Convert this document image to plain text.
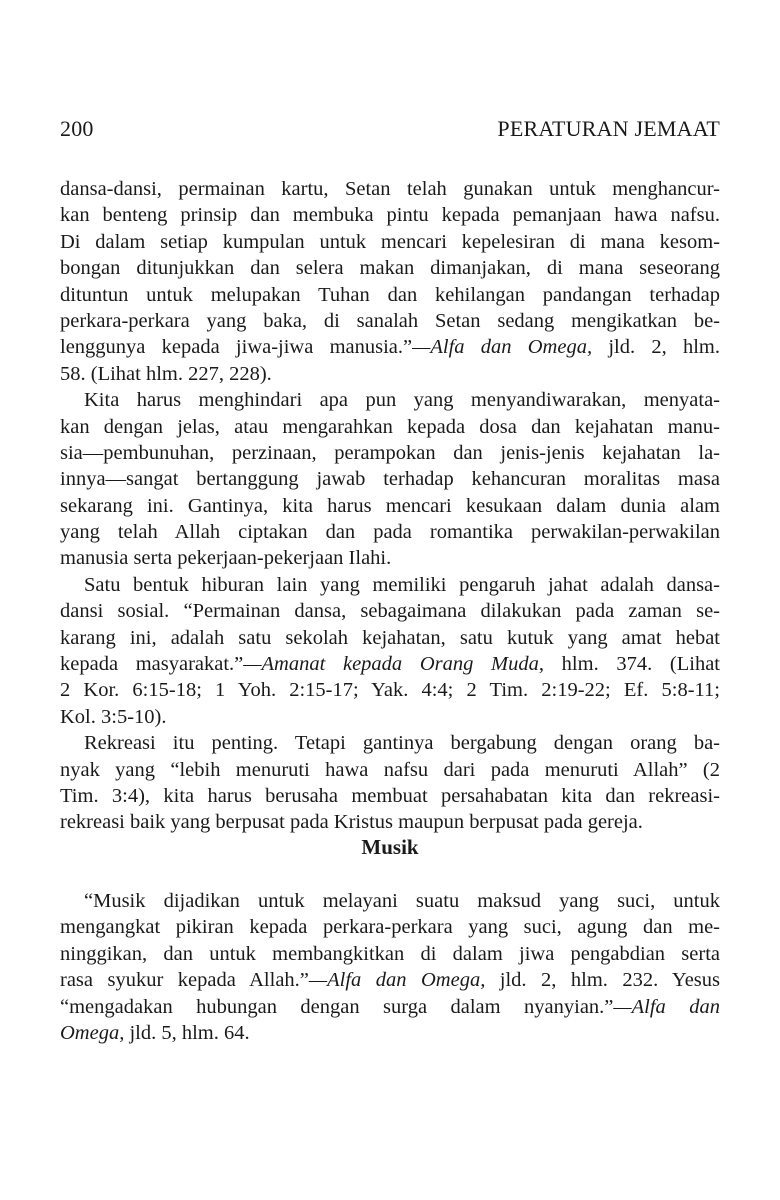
200	PERATURAN JEMAAT
dansa-dansi, permainan kartu, Setan telah gunakan untuk menghancur-
kan benteng prinsip dan membuka pintu kepada pemanjaan hawa nafsu.
Di dalam setiap kumpulan untuk mencari kepelesiran di mana kesom-
bongan ditunjukkan dan selera makan dimanjakan, di mana seseorang
dituntun untuk melupakan Tuhan dan kehilangan pandangan terhadap
perkara-perkara yang baka, di sanalah Setan sedang mengikatkan be-
lenggunya kepada jiwa-jiwa manusia.”—Alfa dan Omega, jld. 2, hlm.
58. (Lihat hlm. 227, 228).
Kita harus menghindari apa pun yang menyandiwarakan, menyata-
kan dengan jelas, atau mengarahkan kepada dosa dan kejahatan manu-
sia—pembunuhan, perzinaan, perampokan dan jenis-jenis kejahatan la-
innya—sangat bertanggung jawab terhadap kehancuran moralitas masa
sekarang ini. Gantinya, kita harus mencari kesukaan dalam dunia alam
yang telah Allah ciptakan dan pada romantika perwakilan-perwakilan
manusia serta pekerjaan-pekerjaan Ilahi.
Satu bentuk hiburan lain yang memiliki pengaruh jahat adalah dansa-
dansi sosial. “Permainan dansa, sebagaimana dilakukan pada zaman se-
karang ini, adalah satu sekolah kejahatan, satu kutuk yang amat hebat
kepada masyarakat.”—Amanat kepada Orang Muda, hlm. 374. (Lihat
2 Kor. 6:15-18; 1 Yoh. 2:15-17; Yak. 4:4; 2 Tim. 2:19-22; Ef. 5:8-11;
Kol. 3:5-10).
Rekreasi itu penting. Tetapi gantinya bergabung dengan orang ba-
nyak yang “lebih menuruti hawa nafsu dari pada menuruti Allah” (2
Tim. 3:4), kita harus berusaha membuat persahabatan kita dan rekreasi-
rekreasi baik yang berpusat pada Kristus maupun berpusat pada gereja.
Musik
“Musik dijadikan untuk melayani suatu maksud yang suci, untuk
mengangkat pikiran kepada perkara-perkara yang suci, agung dan me-
ninggikan, dan untuk membangkitkan di dalam jiwa pengabdian serta
rasa syukur kepada Allah.”—Alfa dan Omega, jld. 2, hlm. 232. Yesus
“mengadakan hubungan dengan surga dalam nyanyian.”—Alfa dan
Omega, jld. 5, hlm. 64.
